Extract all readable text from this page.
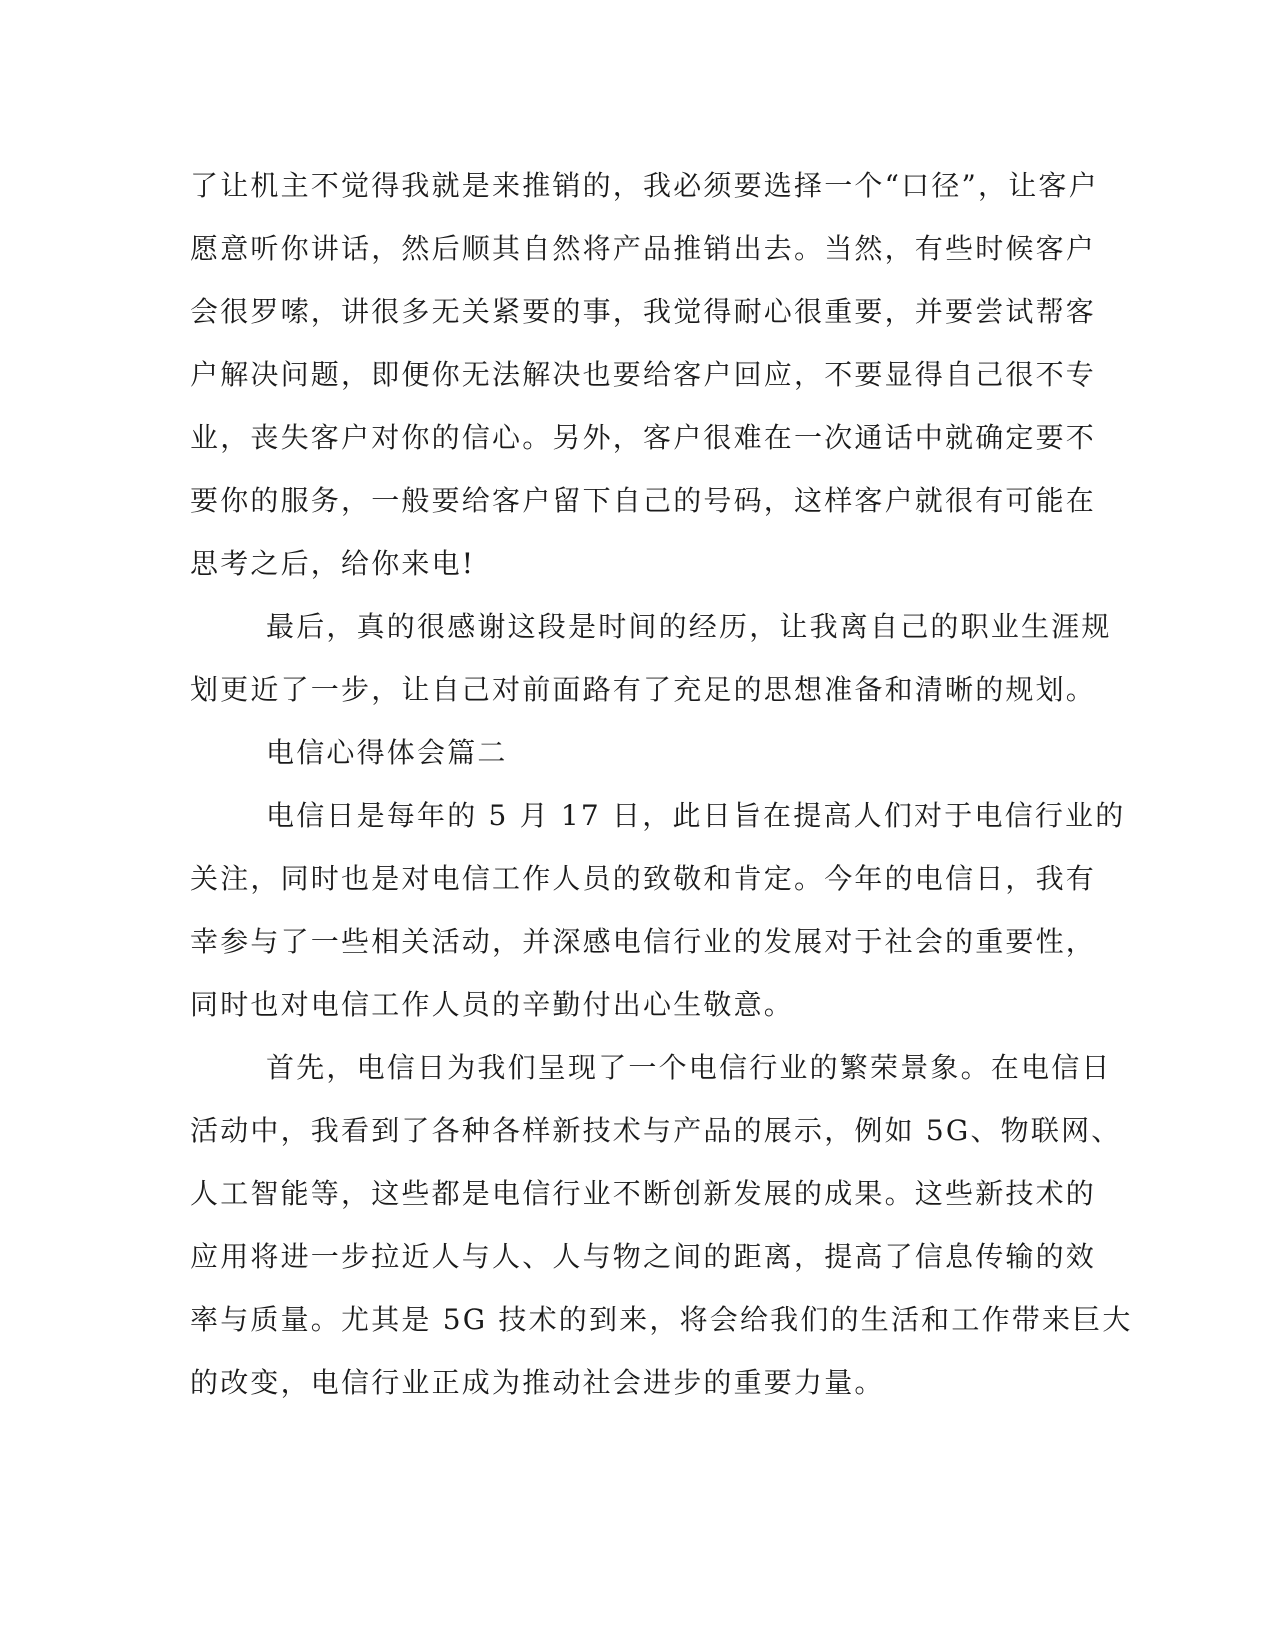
了让机主不觉得我就是来推销的，我必须要选择一个“口径”，让客户
愿意听你讲话，然后顺其自然将产品推销出去。当然，有些时候客户
会很罗嗦，讲很多无关紧要的事，我觉得耐心很重要，并要尝试帮客
户解决问题，即便你无法解决也要给客户回应，不要显得自己很不专
业，丧失客户对你的信心。另外，客户很难在一次通话中就确定要不
要你的服务，一般要给客户留下自己的号码，这样客户就很有可能在
思考之后，给你来电!

最后，真的很感谢这段是时间的经历，让我离自己的职业生涯规
划更近了一步，让自己对前面路有了充足的思想准备和清晰的规划。

电信心得体会篇二

电信日是每年的 5 月 17 日，此日旨在提高人们对于电信行业的
关注，同时也是对电信工作人员的致敬和肯定。今年的电信日，我有
幸参与了一些相关活动，并深感电信行业的发展对于社会的重要性，
同时也对电信工作人员的辛勤付出心生敬意。

首先，电信日为我们呈现了一个电信行业的繁荣景象。在电信日
活动中，我看到了各种各样新技术与产品的展示，例如 5G、物联网、
人工智能等，这些都是电信行业不断创新发展的成果。这些新技术的
应用将进一步拉近人与人、人与物之间的距离，提高了信息传输的效
率与质量。尤其是 5G 技术的到来，将会给我们的生活和工作带来巨大
的改变，电信行业正成为推动社会进步的重要力量。
